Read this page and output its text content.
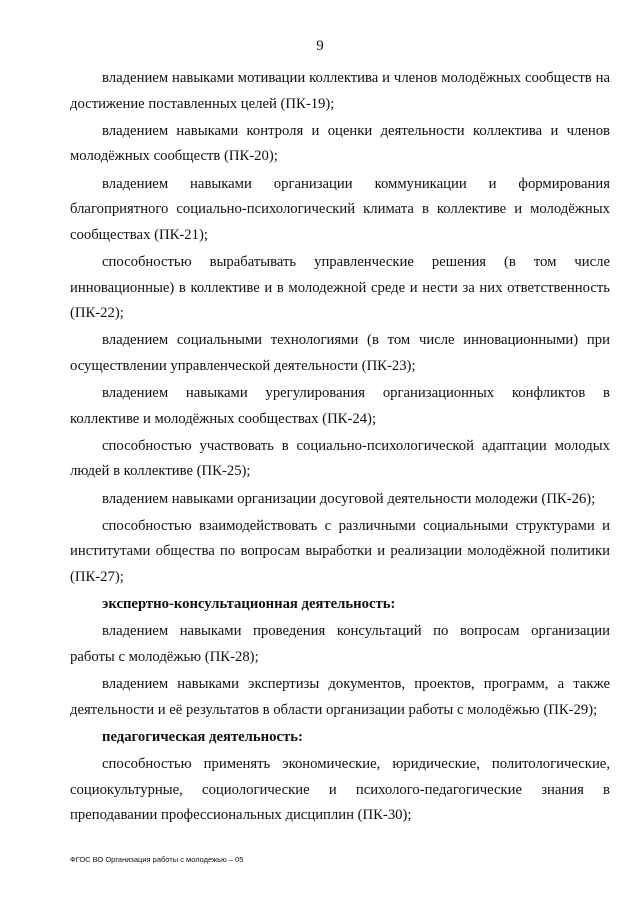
9

владением навыками мотивации коллектива и членов молодёжных сообществ на достижение поставленных целей (ПК-19);

владением навыками контроля и оценки деятельности коллектива и членов молодёжных сообществ (ПК-20);

владением навыками организации коммуникации и формирования благоприятного социально-психологический климата в коллективе и молодёжных сообществах (ПК-21);

способностью вырабатывать управленческие решения (в том числе инновационные) в коллективе и в молодежной среде и нести за них ответственность (ПК-22);

владением социальными технологиями (в том числе инновационными) при осуществлении управленческой деятельности (ПК-23);

владением навыками урегулирования организационных конфликтов в коллективе и молодёжных сообществах (ПК-24);

способностью участвовать в социально-психологической адаптации молодых людей в коллективе (ПК-25);

владением навыками организации досуговой деятельности молодежи (ПК-26);

способностью взаимодействовать с различными социальными структурами и институтами общества по вопросам выработки и реализации молодёжной политики (ПК-27);

экспертно-консультационная деятельность:

владением навыками проведения консультаций по вопросам организации работы с молодёжью (ПК-28);

владением навыками экспертизы документов, проектов, программ, а также деятельности и её результатов в области организации работы с молодёжью (ПК-29);

педагогическая деятельность:

способностью применять экономические, юридические, политологические, социокультурные, социологические и психолого-педагогические знания в преподавании профессиональных дисциплин (ПК-30);

ФГОС ВО Организация работы с молодежью – 05
